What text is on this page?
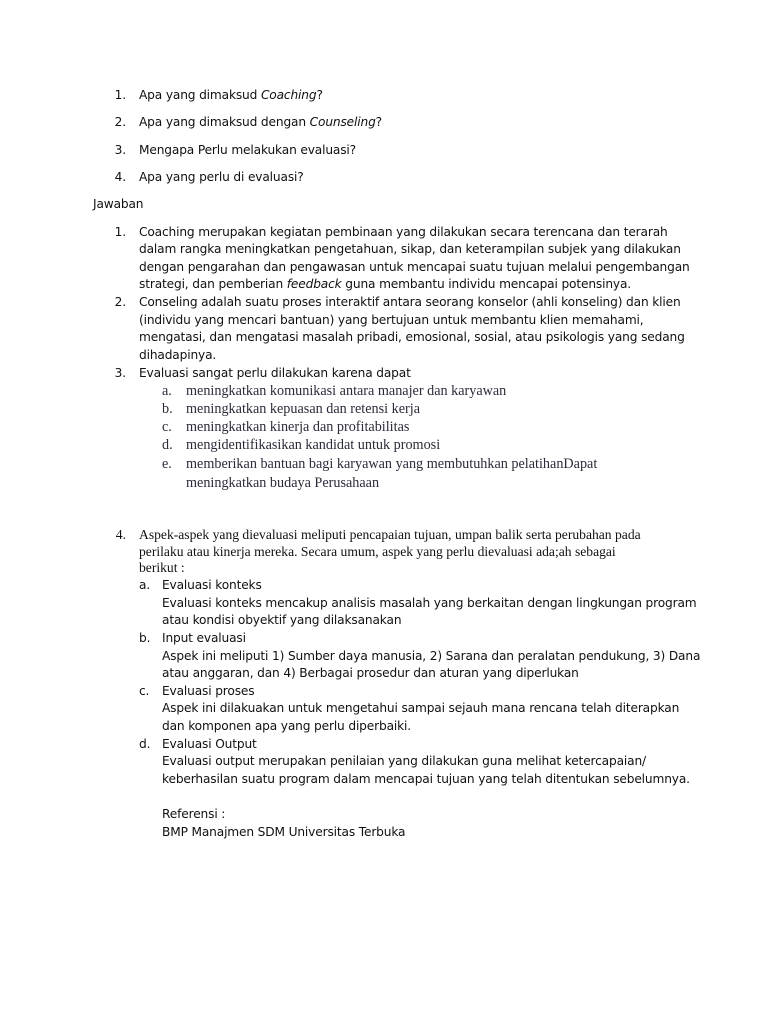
1. Apa yang dimaksud Coaching?
2. Apa yang dimaksud dengan Counseling?
3. Mengapa Perlu melakukan evaluasi?
4. Apa yang perlu di evaluasi?
Jawaban
1. Coaching merupakan kegiatan pembinaan yang dilakukan secara terencana dan terarah
dalam rangka meningkatkan pengetahuan, sikap, dan keterampilan subjek yang dilakukan
dengan pengarahan dan pengawasan untuk mencapai suatu tujuan melalui pengembangan
strategi, dan pemberian feedback guna membantu individu mencapai potensinya.
2. Conseling adalah suatu proses interaktif antara seorang konselor (ahli konseling) dan klien
(individu yang mencari bantuan) yang bertujuan untuk membantu klien memahami,
mengatasi, dan mengatasi masalah pribadi, emosional, sosial, atau psikologis yang sedang
dihadapinya.
3. Evaluasi sangat perlu dilakukan karena dapat
a. meningkatkan komunikasi antara manajer dan karyawan
b. meningkatkan kepuasan dan retensi kerja
c. meningkatkan kinerja dan profitabilitas
d. mengidentifikasikan kandidat untuk promosi
e. memberikan bantuan bagi karyawan yang membutuhkan pelatihanDapat
meningkatkan budaya Perusahaan
4. Aspek-aspek yang dievaluasi meliputi pencapaian tujuan, umpan balik serta perubahan pada
perilaku atau kinerja mereka. Secara umum, aspek yang perlu dievaluasi ada;ah sebagai
berikut :
a. Evaluasi konteks
Evaluasi konteks mencakup analisis masalah yang berkaitan dengan lingkungan program
atau kondisi obyektif yang dilaksanakan
b. Input evaluasi
Aspek ini meliputi 1) Sumber daya manusia, 2) Sarana dan peralatan pendukung, 3) Dana
atau anggaran, dan 4) Berbagai prosedur dan aturan yang diperlukan
c. Evaluasi proses
Aspek ini dilakuakan untuk mengetahui sampai sejauh mana rencana telah diterapkan
dan komponen apa yang perlu diperbaiki.
d. Evaluasi Output
Evaluasi output merupakan penilaian yang dilakukan guna melihat ketercapaian/
keberhasilan suatu program dalam mencapai tujuan yang telah ditentukan sebelumnya.
Referensi :
BMP Manajmen SDM Universitas Terbuka
